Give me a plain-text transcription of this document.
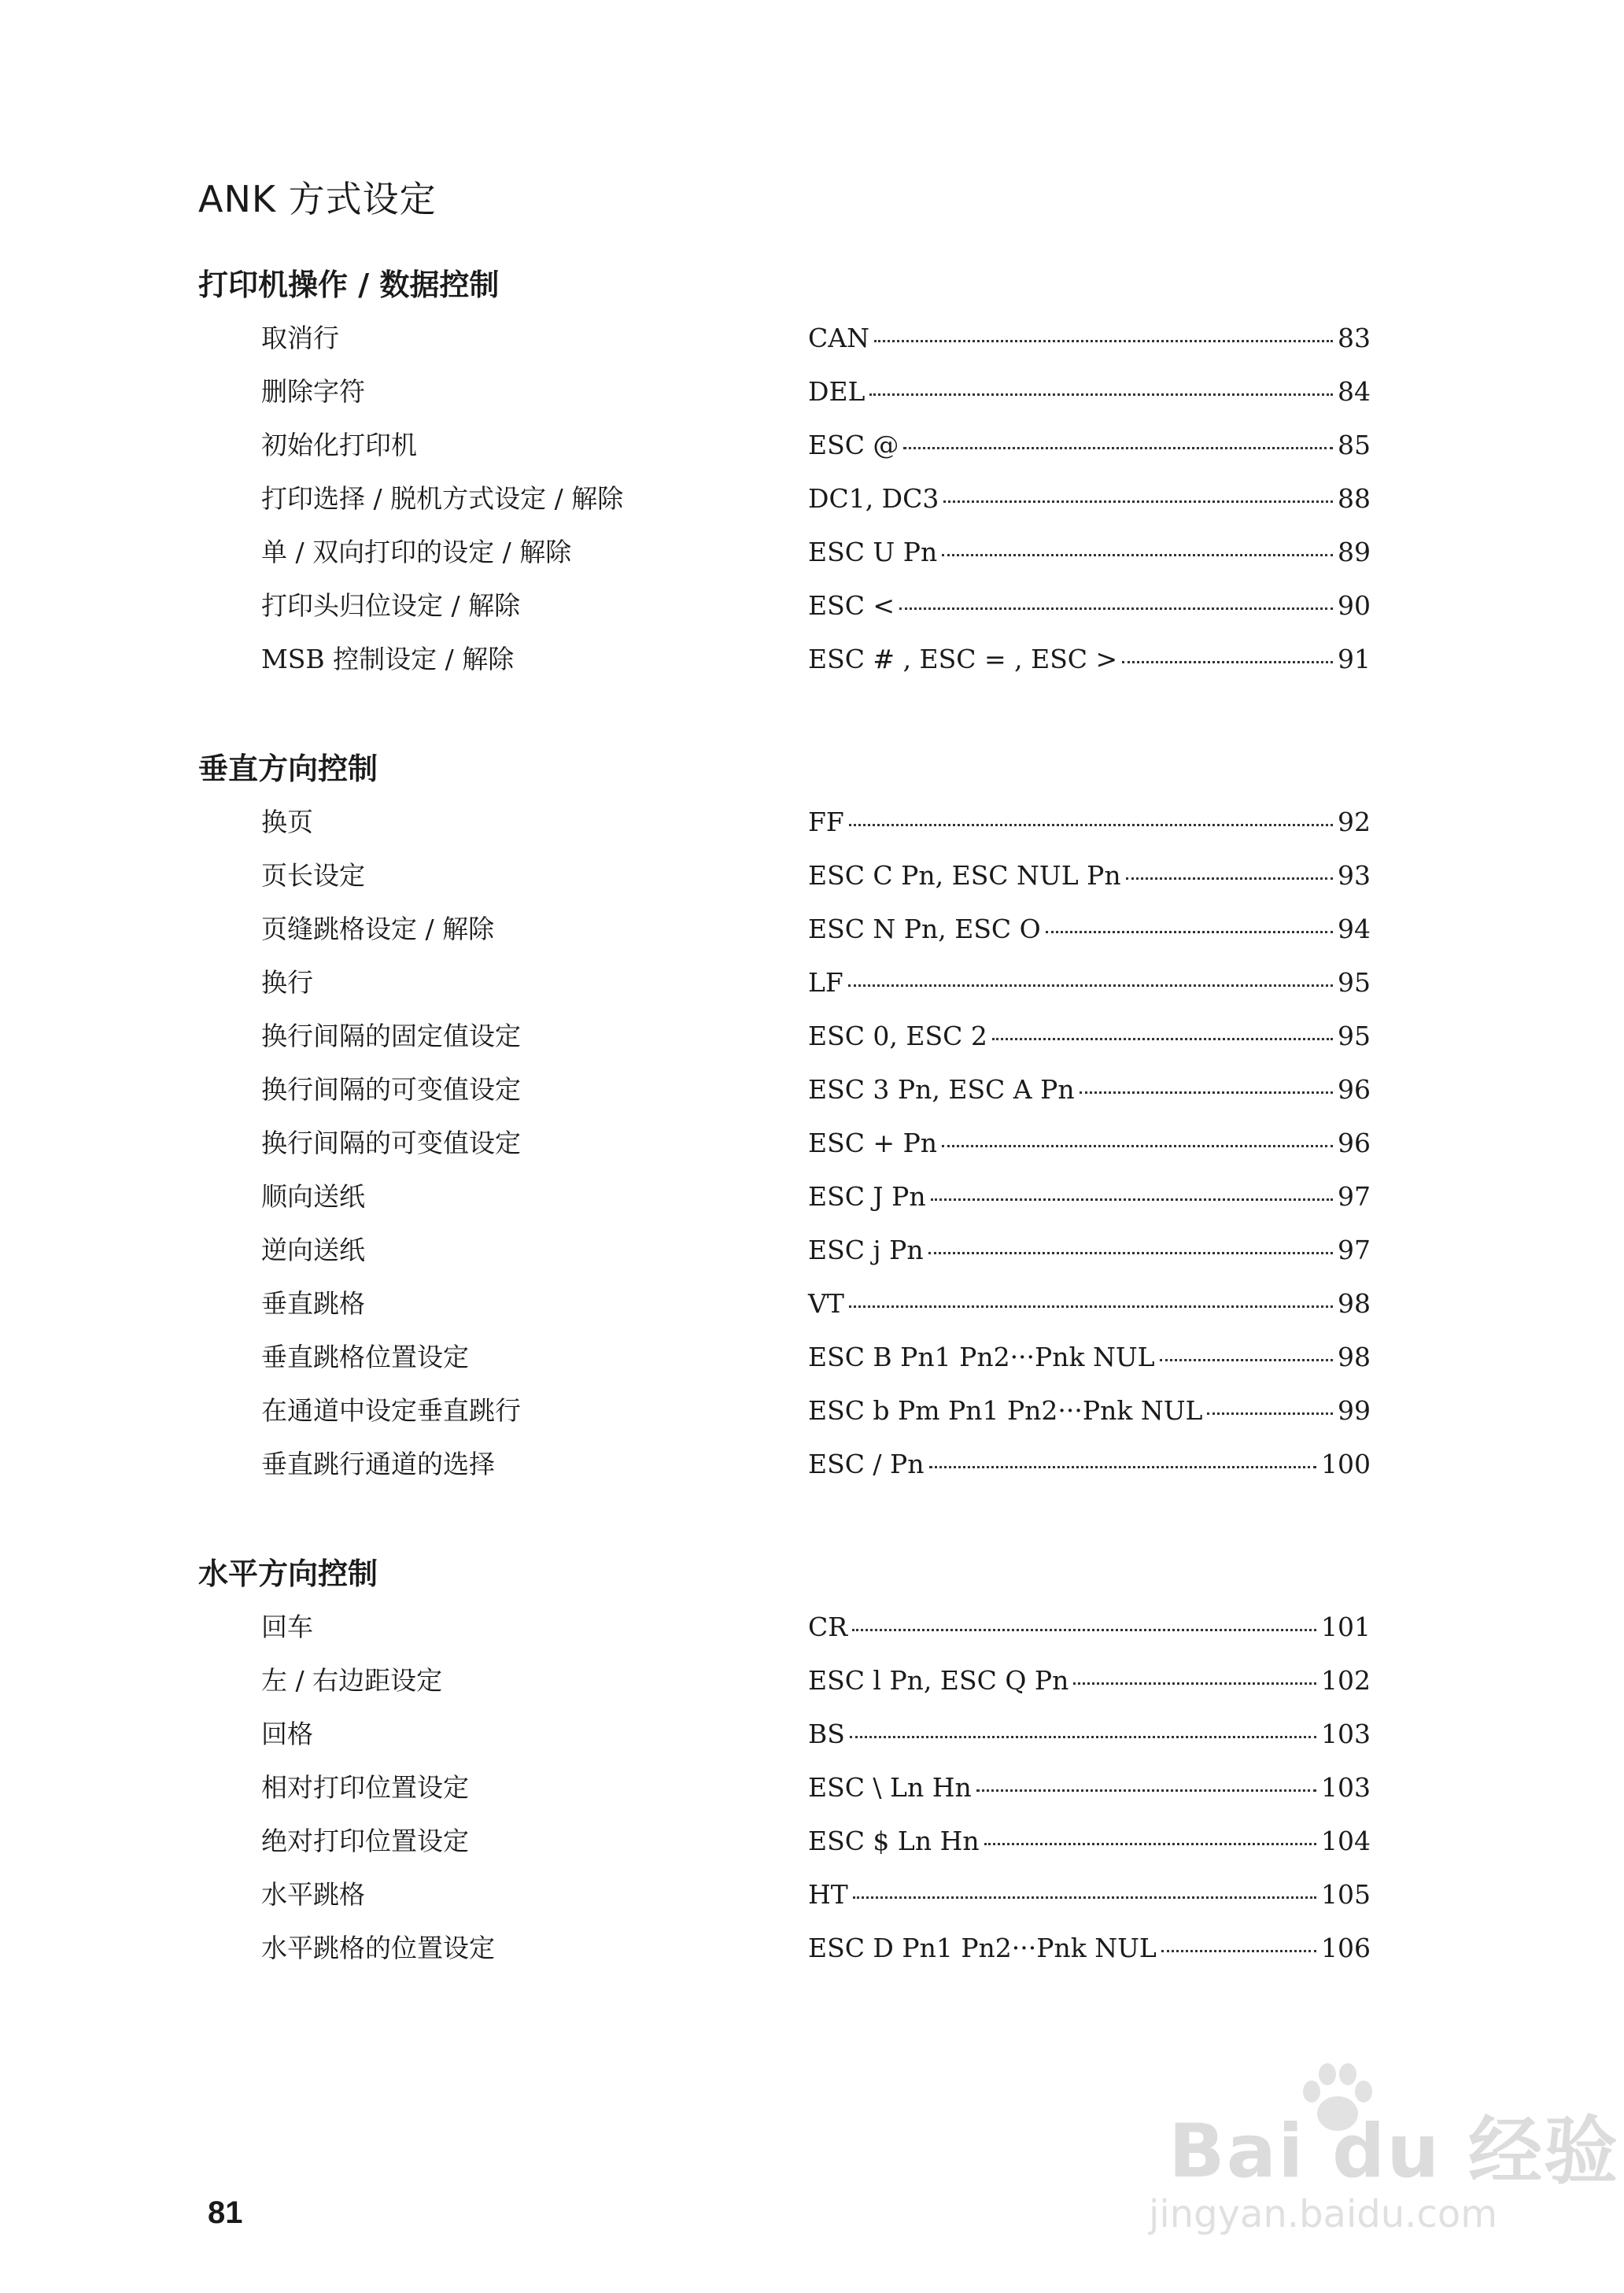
ANK 方式设定
打印机操作 / 数据控制
取消行	CAN	83
删除字符	DEL	84
初始化打印机	ESC @	85
打印选择 / 脱机方式设定 / 解除	DC1, DC3	88
单 / 双向打印的设定 / 解除	ESC U Pn	89
打印头归位设定 / 解除	ESC <	90
MSB 控制设定 / 解除	ESC # , ESC = , ESC >	91
垂直方向控制
换页	FF	92
页长设定	ESC C Pn, ESC NUL Pn	93
页缝跳格设定 / 解除	ESC N Pn, ESC O	94
换行	LF	95
换行间隔的固定值设定	ESC 0, ESC 2	95
换行间隔的可变值设定	ESC 3 Pn, ESC A Pn	96
换行间隔的可变值设定	ESC + Pn	96
顺向送纸	ESC J Pn	97
逆向送纸	ESC j Pn	97
垂直跳格	VT	98
垂直跳格位置设定	ESC B Pn1 Pn2···Pnk NUL	98
在通道中设定垂直跳行	ESC b Pm Pn1 Pn2···Pnk NUL	99
垂直跳行通道的选择	ESC / Pn	100
水平方向控制
回车	CR	101
左 / 右边距设定	ESC l Pn, ESC Q Pn	102
回格	BS	103
相对打印位置设定	ESC \ Ln Hn	103
绝对打印位置设定	ESC $ Ln Hn	104
水平跳格	HT	105
水平跳格的位置设定	ESC D Pn1 Pn2···Pnk NUL	106
81
Bai du 经验
jingyan.baidu.com
